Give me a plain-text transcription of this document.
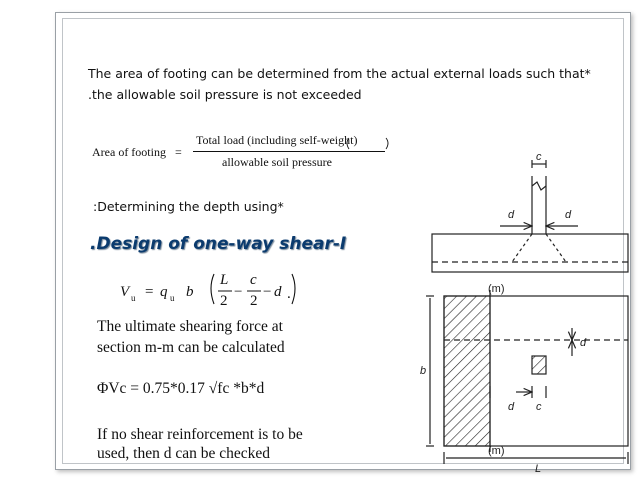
The area of footing can be determined from the actual external loads such that*
.the allowable soil pressure is not exceeded
Area of footing =
Total load (including self-weight)
allowable soil pressure
:Determining the depth using*
.Design of one-way shear-I
V u = q u b
L
2
−
c
2
− d .
The ultimate shearing force at
section m-m can be calculated
ΦVc = 0.75*0.17 √fc *b*d
If no shear reinforcement is to be
used, then d can be checked
c
d	d
(m)
(m)
b
d
d c
L
